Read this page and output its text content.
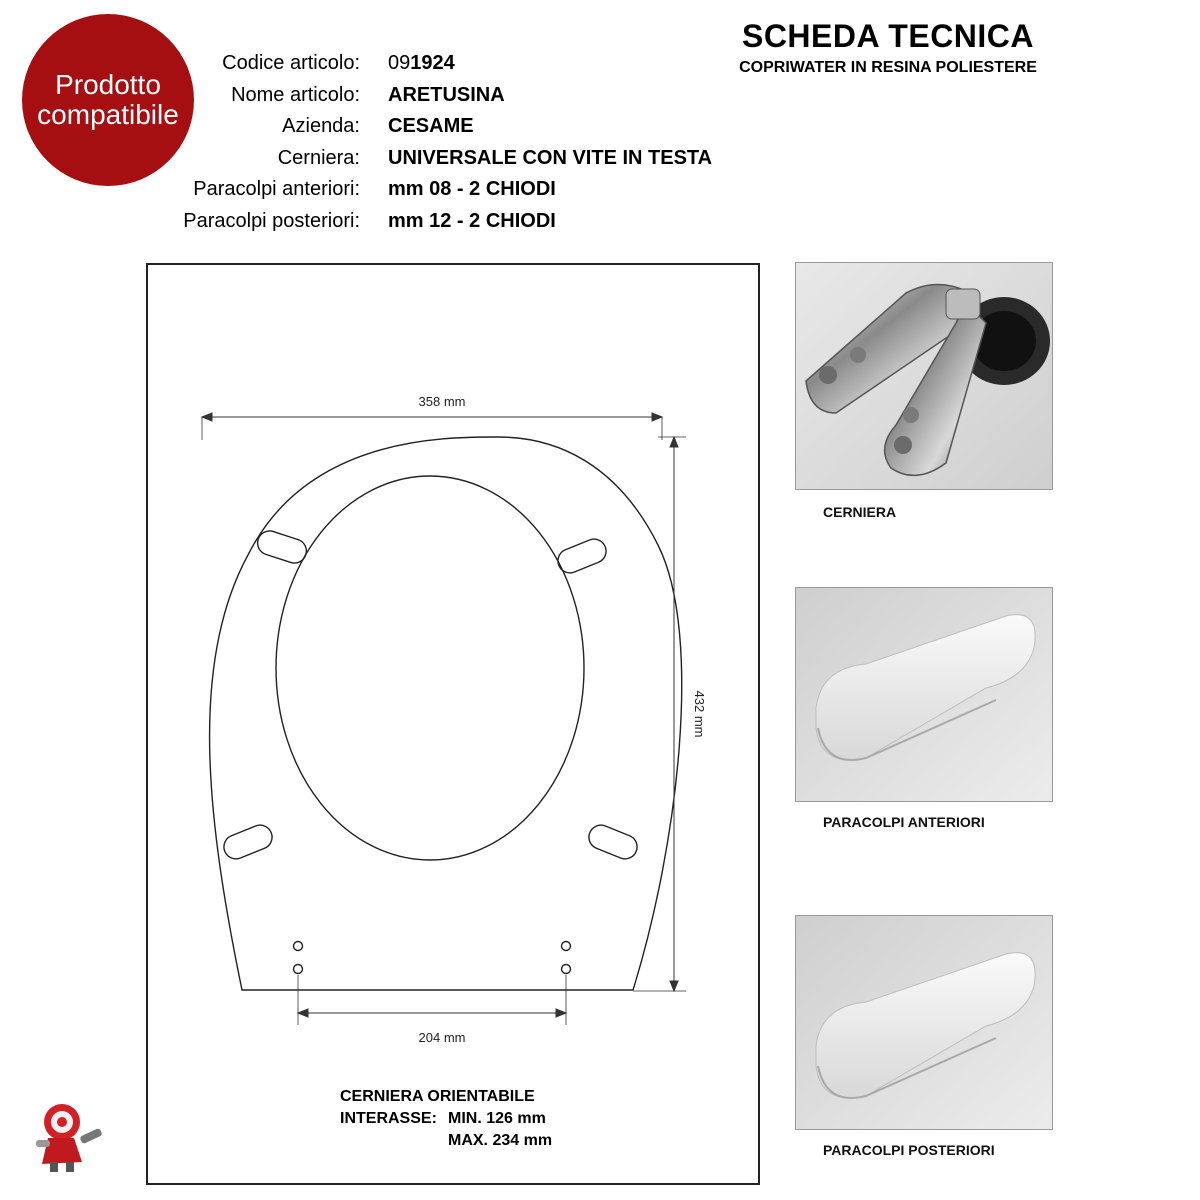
Prodotto
compatibile
Codice articolo: 091924
Nome articolo: ARETUSINA
Azienda: CESAME
Cerniera: UNIVERSALE CON VITE IN TESTA
Paracolpi anteriori: mm 08 - 2 CHIODI
Paracolpi posteriori: mm 12 - 2 CHIODI
SCHEDA TECNICA
COPRIWATER IN RESINA POLIESTERE
358 mm
432 mm
204 mm
CERNIERA ORIENTABILE
INTERASSE: MIN. 126 mm
MAX. 234 mm
CERNIERA
PARACOLPI ANTERIORI
PARACOLPI POSTERIORI
